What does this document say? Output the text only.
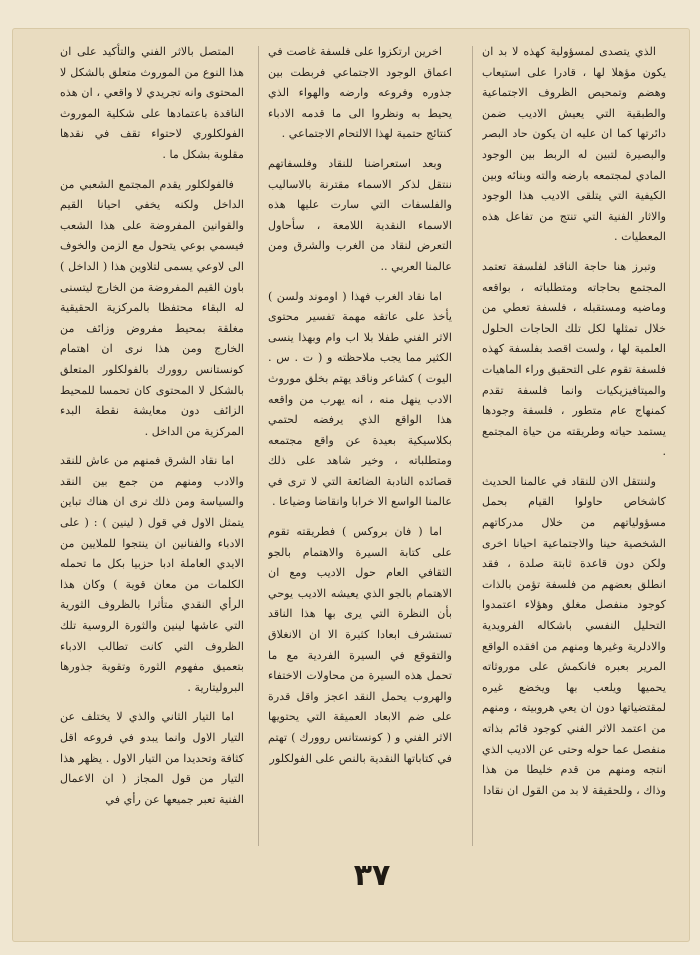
الذي يتصدى لمسؤولية كهذه لا بد ان يكون مؤهلا لها ، قادرا على استيعاب وهضم وتمحيص الظروف الاجتماعية والطبقية التي يعيش الاديب ضمن دائرتها كما ان عليه ان يكون حاد البصر والبصيرة لتبين له الربط بين الوجود المادي لمجتمعه بارضه والته وبنائه وبين الكيفية التي يتلقى الاديب هذا الوجود والاثار الفنية التي تنتج من تفاعل هذه المعطيات .

وتبرز هنا حاجة الناقد لفلسفة تعتمد المجتمع بحاجاته ومتطلباته ، بواقعه وماضيه ومستقبله ، فلسفة تعطي من خلال تمثلها لكل تلك الحاجات الحلول العلمية لها ، ولست اقصد بفلسفة كهذه فلسفة تقوم على التحقيق وراء الماهيات والميتافيزيكيات وانما فلسفة تقدم كمنهاج عام متطور ، فلسفة وجودها يستمد حياته وطريقته من حياة المجتمع .

ولننتقل الان للنقاد في عالمنا الحديث كاشخاص حاولوا القيام بحمل مسؤولياتهم من خلال مدركاتهم الشخصية حينا والاجتماعية احيانا اخرى ولكن دون قاعدة ثابتة صلدة ، فقد انطلق بعضهم من فلسفة تؤمن بالذات كوجود منفصل مغلق وهؤلاء اعتمدوا التحليل النفسي باشكاله الفرويدية والادلرية وغيرها ومنهم من افقده الواقع المرير بعبره فانكمش على موروثاته يحميها ويلعب بها ويخضع غيره لمقتضياتها دون ان يعي هروبيته ، ومنهم من اعتمد الاثر الفني كوجود قائم بذاته منفصل عما حوله وحتى عن الاديب الذي انتجه ومنهم من قدم خليطا من هذا وذاك ، وللحقيقة لا بد من القول ان نقادا

اخرين ارتكزوا على فلسفة غاصت في اعماق الوجود الاجتماعي فربطت بين جذوره وفروعه وارضه والهواء الذي يحيط به ونظروا الى ما قدمه الادباء كنتائج حتمية لهذا الالتحام الاجتماعي .

وبعد استعراضنا للنقاد وفلسفاتهم ننتقل لذكر الاسماء مقترنة بالاساليب والفلسفات التي سارت عليها هذه الاسماء النقدية اللامعة ، سأحاول التعرض لنقاد من الغرب والشرق ومن عالمنا العربي ..

اما نقاد الغرب فهذا ( اوموند ولسن ) يأخذ على عاتقه مهمة تفسير محتوى الاثر الفني طفلا بلا اب وام وبهذا ينسى الكثير مما يجب ملاحظته و ( ت . س . اليوت ) كشاعر وناقد يهتم بخلق موروث الادب ينهل منه ، انه يهرب من واقعه هذا الواقع الذي يرفضه لحتمي بكلاسيكية بعيدة عن واقع مجتمعه ومتطلباته ، وخير شاهد على ذلك قصائده النادبة الضائعة التي لا ترى في عالمنا الواسع الا خرابا وانقاضا وضياعا .

اما ( فان بروكس ) فطريقته تقوم على كتابة السيرة والاهتمام بالجو الثقافي العام حول الاديب ومع ان الاهتمام بالجو الذي يعيشه الاديب يوحي بأن النظرة التي يرى بها هذا الناقد تستشرف ابعادا كثيرة الا ان الانغلاق والتقوقع في السيرة الفردية مع ما تحمل هذه السيرة من محاولات الاختفاء والهروب يحمل النقد اعجز واقل قدرة على ضم الابعاد العميقة التي يحتويها الاثر الفني و ( كونستانس روورك ) تهتم في كتاباتها النقدية بالنص على الفولكلور

المتصل بالاثر الفني والتأكيد على ان هذا النوع من الموروث متعلق بالشكل لا المحتوى وانه تجريدي لا واقعي ، ان هذه الناقدة باعتمادها على شكلية الموروث الفولكلوري لاحتواء تقف في نقدها مقلوبة بشكل ما .

فالفولكلور يقدم المجتمع الشعبي من الداخل ولكنه يخفي احيانا القيم والقوانين المفروضة على هذا الشعب فيسمي بوعي يتحول مع الزمن والخوف الى لاوعي يسمى لتلاوين هذا ( الداخل ) باون القيم المفروضة من الخارج ليتسنى له البقاء محتفظا بالمركزية الحقيقية مغلقة بمحيط مفروض وزائف من الخارج ومن هذا نرى ان اهتمام كونستانس روورك بالفولكلور المتعلق بالشكل لا المحتوى كان تحمسا للمحيط الزائف دون معايشة نقطة البدء المركزية من الداخل .

اما نقاد الشرق فمنهم من عاش للنقد والادب ومنهم من جمع بين النقد والسياسة ومن ذلك نرى ان هناك تباين يتمثل الاول في قول ( لينين ) : ( على الادباء والفنانين ان ينتجوا للملايين من الايدي العاملة ادبا حزبيا بكل ما تحمله الكلمات من معان قوية ) وكان هذا الرأي النقدي متأثرا بالظروف الثورية التي عاشها لينين والثورة الروسية تلك الظروف التي كانت تطالب الادباء بتعميق مفهوم الثورة وتقوية جذورها البروليتارية .

اما التيار الثاني والذي لا يختلف عن التيار الاول وانما يبدو في فروعه اقل كثافة وتحديدا من التيار الاول . يظهر هذا التيار من قول المجاز ( ان الاعمال الفنية تعبر جميعها عن رأي في

٣٧
